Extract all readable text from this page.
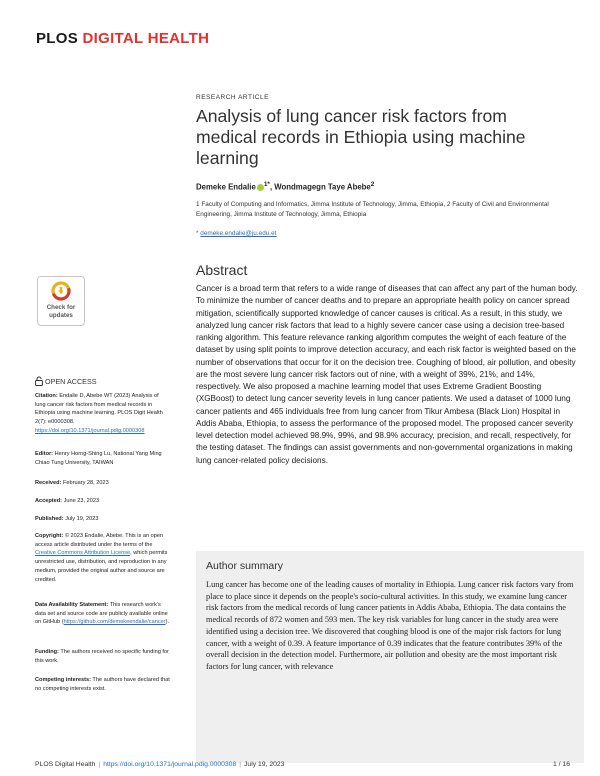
PLOS DIGITAL HEALTH
RESEARCH ARTICLE
Analysis of lung cancer risk factors from medical records in Ethiopia using machine learning
Demeke Endalie $^{1*}$, Wondmagegn Taye Abebe$^2$
1 Faculty of Computing and Informatics, Jimma Institute of Technology, Jimma, Ethiopia, 2 Faculty of Civil and Environmental Engineering, Jimma Institute of Technology, Jimma, Ethiopia
* demeke.endalie@ju.edu.et
Abstract
Cancer is a broad term that refers to a wide range of diseases that can affect any part of the human body. To minimize the number of cancer deaths and to prepare an appropriate health policy on cancer spread mitigation, scientifically supported knowledge of cancer causes is critical. As a result, in this study, we analyzed lung cancer risk factors that lead to a highly severe cancer case using a decision tree-based ranking algorithm. This feature relevance ranking algorithm computes the weight of each feature of the dataset by using split points to improve detection accuracy, and each risk factor is weighted based on the number of observations that occur for it on the decision tree. Coughing of blood, air pollution, and obesity are the most severe lung cancer risk factors out of nine, with a weight of 39%, 21%, and 14%, respectively. We also proposed a machine learning model that uses Extreme Gradient Boosting (XGBoost) to detect lung cancer severity levels in lung cancer patients. We used a dataset of 1000 lung cancer patients and 465 individuals free from lung cancer from Tikur Ambesa (Black Lion) Hospital in Addis Ababa, Ethiopia, to assess the performance of the proposed model. The proposed cancer severity level detection model achieved 98.9%, 99%, and 98.9% accuracy, precision, and recall, respectively, for the testing dataset. The findings can assist governments and non-governmental organizations in making lung cancer-related policy decisions.
Check for
updates
OPEN ACCESS
Citation: Endalie D, Abebe WT (2023) Analysis of lung cancer risk factors from medical records in Ethiopia using machine learning. PLOS Digit Health 2(7): e0000308. https://doi.org/10.1371/journal.pdig.0000308
Editor: Henry Horng-Shing Lu, National Yang Ming Chiao Tung University, TAIWAN
Received: February 28, 2023
Accepted: June 23, 2023
Published: July 19, 2023
Copyright: © 2023 Endalie, Abebe. This is an open access article distributed under the terms of the Creative Commons Attribution License, which permits unrestricted use, distribution, and reproduction in any medium, provided the original author and source are credited.
Data Availability Statement: This research work's data set and source code are publicly available online on GitHub (https://github.com/demekeendalie/cancer).
Funding: The authors received no specific funding for this work.
Competing interests: The authors have declared that no competing interests exist.
Author summary
Lung cancer has become one of the leading causes of mortality in Ethiopia. Lung cancer risk factors vary from place to place since it depends on the people's socio-cultural activities. In this study, we examine lung cancer risk factors from the medical records of lung cancer patients in Addis Ababa, Ethiopia. The data contains the medical records of 872 women and 593 men. The key risk variables for lung cancer in the study area were identified using a decision tree. We discovered that coughing blood is one of the major risk factors for lung cancer, with a weight of 0.39. A feature importance of 0.39 indicates that the feature contributes 39% of the overall decision in the detection model. Furthermore, air pollution and obesity are the most important risk factors for lung cancer, with relevance
PLOS Digital Health | https://doi.org/10.1371/journal.pdig.0000308 | July 19, 2023	1 / 16
